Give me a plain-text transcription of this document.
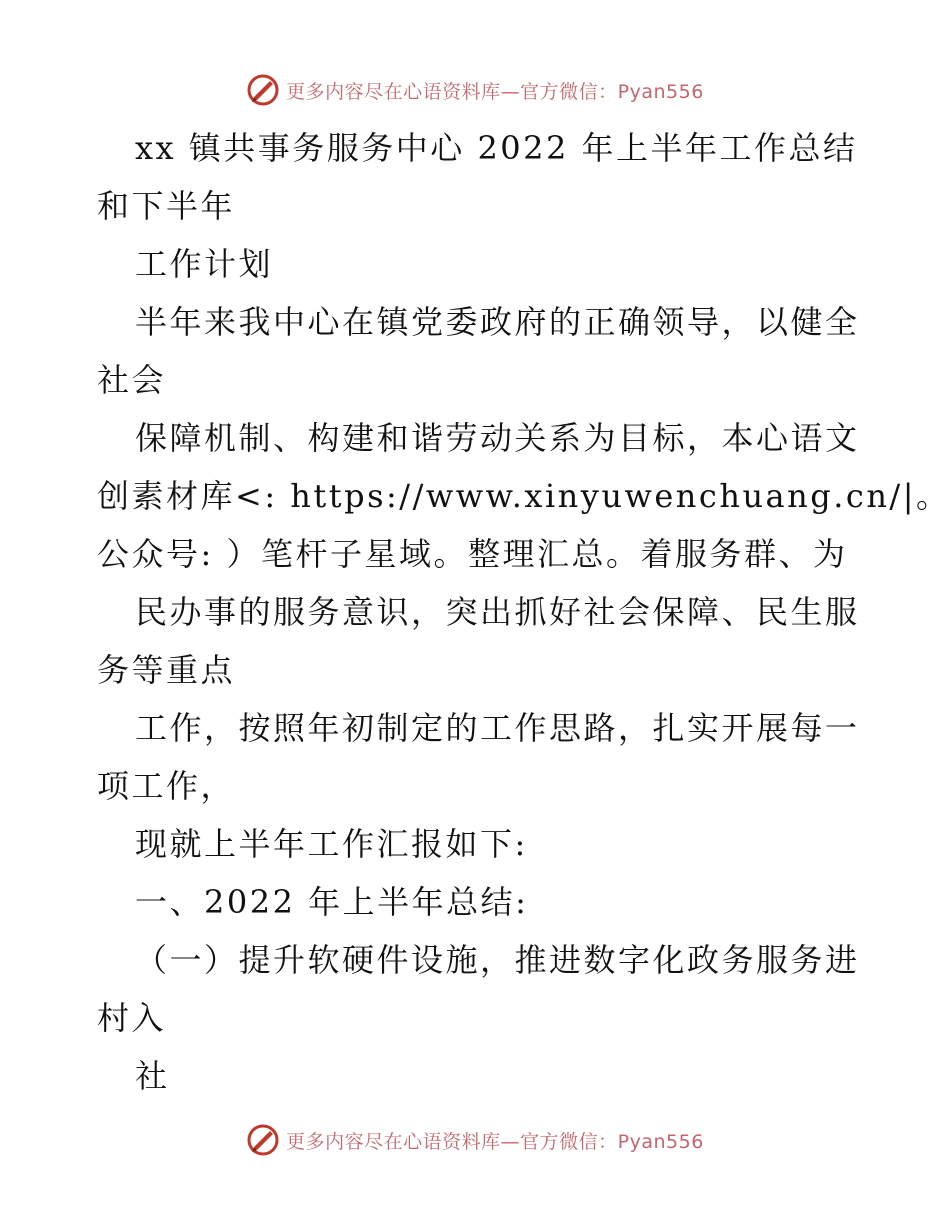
更多内容尽在心语资料库—官方微信：Pyan556
xx 镇共事务服务中心 2022 年上半年工作总结
和下半年
工作计划
半年来我中心在镇党委政府的正确领导，以健全
社会
保障机制、构建和谐劳动关系为目标，本心语文
创素材库<: https://www.xinyuwenchuang.cn/|。
公众号: ）笔杆子星域。整理汇总。着服务群、为
民办事的服务意识，突出抓好社会保障、民生服
务等重点
工作，按照年初制定的工作思路，扎实开展每一
项工作，
现就上半年工作汇报如下:
一、2022 年上半年总结:
（一）提升软硬件设施，推进数字化政务服务进
村入
社
更多内容尽在心语资料库—官方微信：Pyan556
